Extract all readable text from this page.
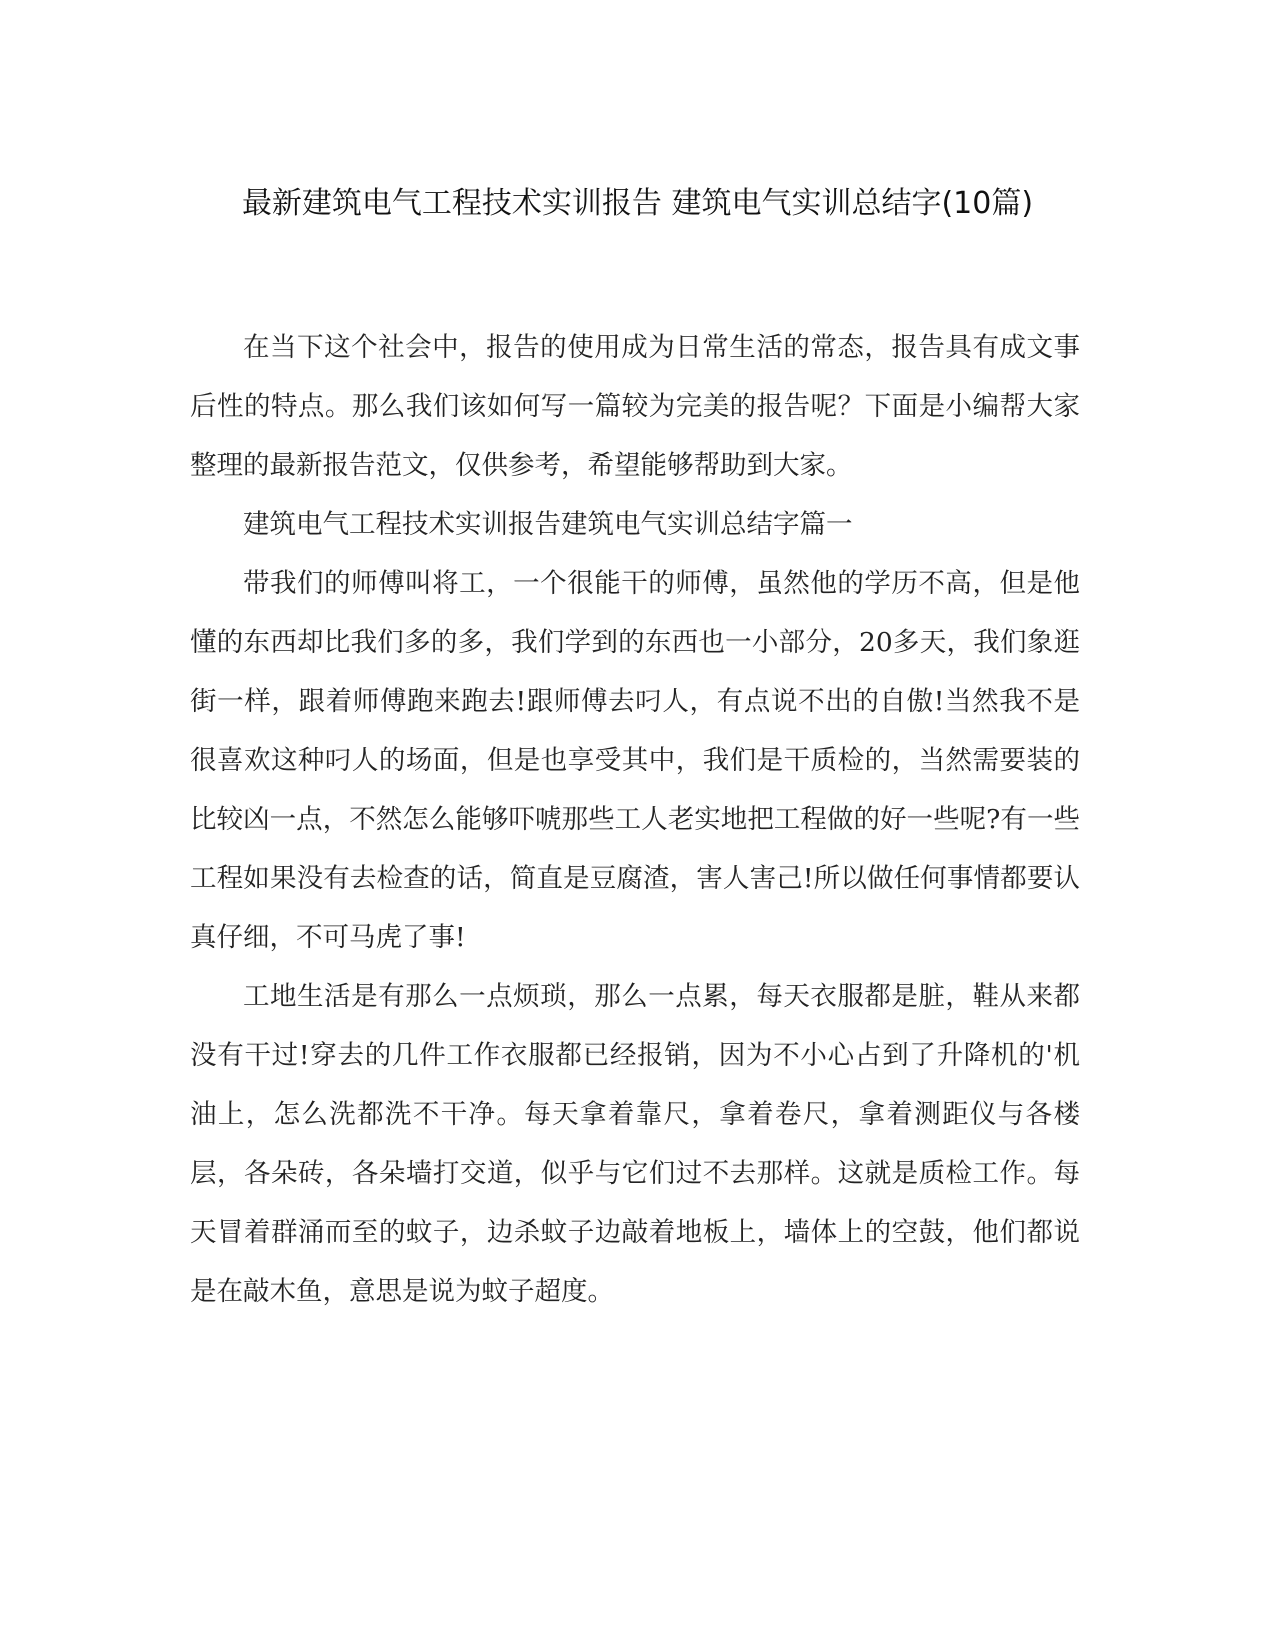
最新建筑电气工程技术实训报告 建筑电气实训总结字(10篇)

在当下这个社会中，报告的使用成为日常生活的常态，报告具有成文事后性的特点。那么我们该如何写一篇较为完美的报告呢？下面是小编帮大家整理的最新报告范文，仅供参考，希望能够帮助到大家。

建筑电气工程技术实训报告建筑电气实训总结字篇一

带我们的师傅叫将工，一个很能干的师傅，虽然他的学历不高，但是他懂的东西却比我们多的多，我们学到的东西也一小部分，20多天，我们象逛街一样，跟着师傅跑来跑去!跟师傅去叼人，有点说不出的自傲!当然我不是很喜欢这种叼人的场面，但是也享受其中，我们是干质检的，当然需要装的比较凶一点，不然怎么能够吓唬那些工人老实地把工程做的好一些呢?有一些工程如果没有去检查的话，简直是豆腐渣，害人害己!所以做任何事情都要认真仔细，不可马虎了事!

工地生活是有那么一点烦琐，那么一点累，每天衣服都是脏，鞋从来都没有干过!穿去的几件工作衣服都已经报销，因为不小心占到了升降机的'机油上，怎么洗都洗不干净。每天拿着靠尺，拿着卷尺，拿着测距仪与各楼层，各朵砖，各朵墙打交道，似乎与它们过不去那样。这就是质检工作。每天冒着群涌而至的蚊子，边杀蚊子边敲着地板上，墙体上的空鼓，他们都说是在敲木鱼，意思是说为蚊子超度。
